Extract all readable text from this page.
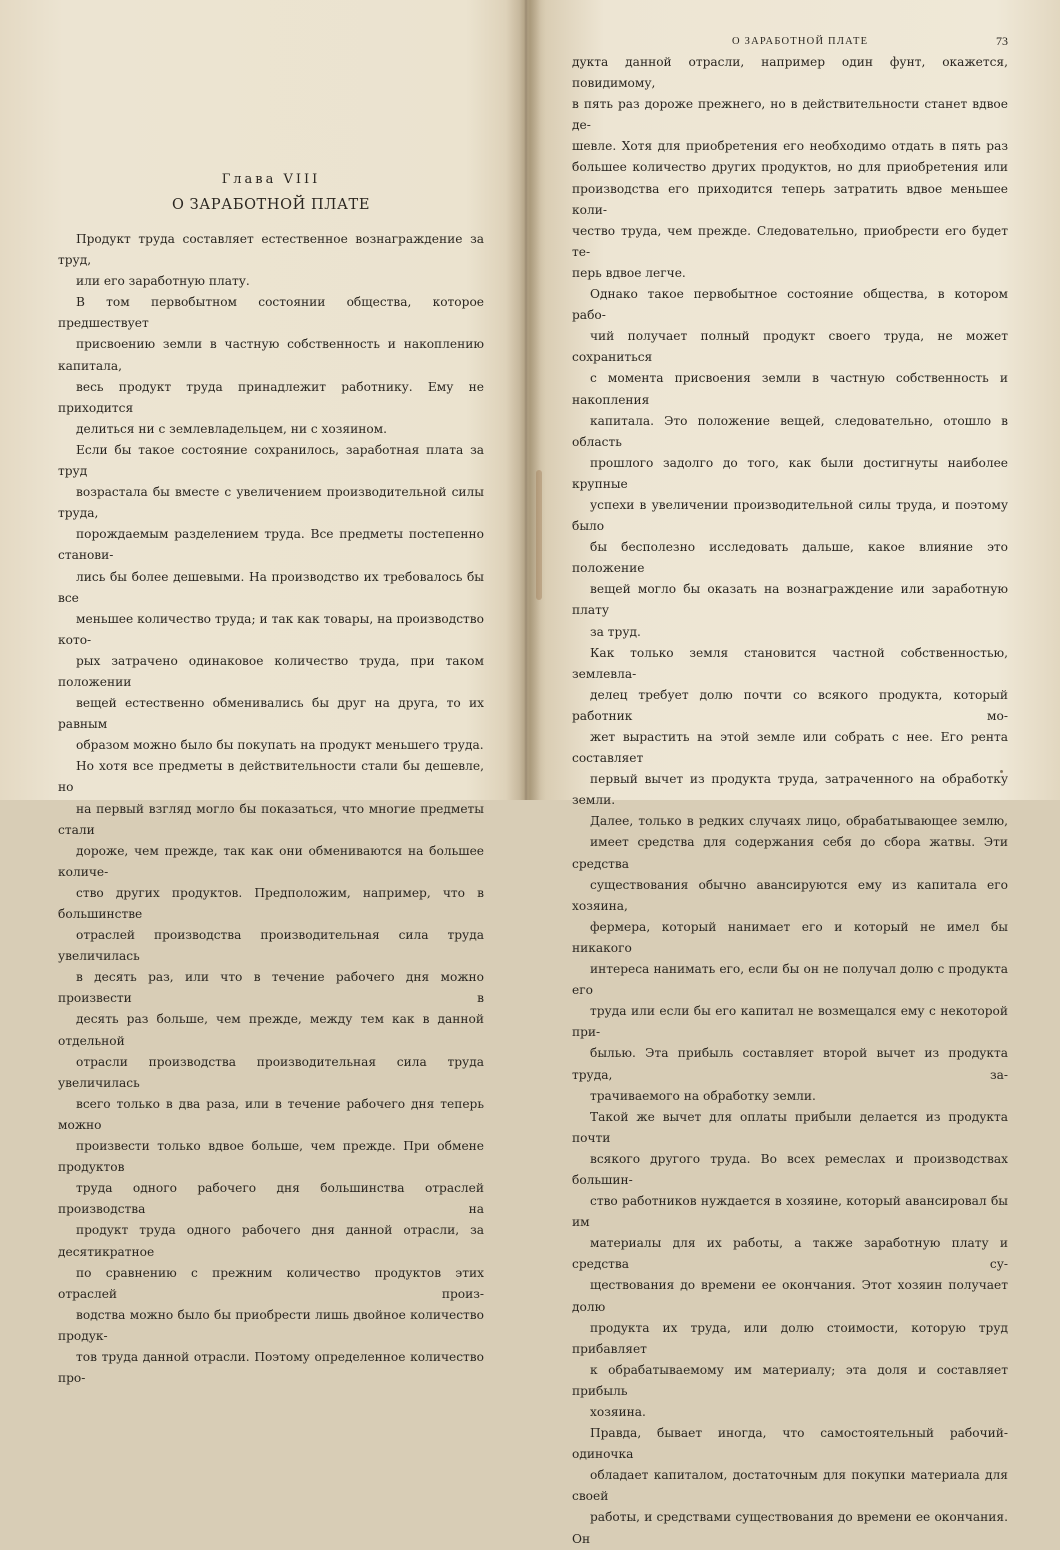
Глава VIII
О ЗАРАБОТНОЙ ПЛАТЕ

Продукт труда составляет естественное вознаграждение за труд,
или его заработную плату.

В том первобытном состоянии общества, которое предшествует
присвоению земли в частную собственность и накоплению капитала,
весь продукт труда принадлежит работнику. Ему не приходится
делиться ни с землевладельцем, ни с хозяином.

Если бы такое состояние сохранилось, заработная плата за труд
возрастала бы вместе с увеличением производительной силы труда,
порождаемым разделением труда. Все предметы постепенно станови-
лись бы более дешевыми. На производство их требовалось бы все
меньшее количество труда; и так как товары, на производство кото-
рых затрачено одинаковое количество труда, при таком положении
вещей естественно обменивались бы друг на друга, то их равным
образом можно было бы покупать на продукт меньшего труда.

Но хотя все предметы в действительности стали бы дешевле, но
на первый взгляд могло бы показаться, что многие предметы стали
дороже, чем прежде, так как они обмениваются на большее количе-
ство других продуктов. Предположим, например, что в большинстве
отраслей производства производительная сила труда увеличилась
в десять раз, или что в течение рабочего дня можно произвести в
десять раз больше, чем прежде, между тем как в данной отдельной
отрасли производства производительная сила труда увеличилась
всего только в два раза, или в течение рабочего дня теперь можно
произвести только вдвое больше, чем прежде. При обмене продуктов
труда одного рабочего дня большинства отраслей производства на
продукт труда одного рабочего дня данной отрасли, за десятикратное
по сравнению с прежним количество продуктов этих отраслей произ-
водства можно было бы приобрести лишь двойное количество продук-
тов труда данной отрасли. Поэтому определенное количество про-

О ЗАРАБОТНОЙ ПЛАТЕ	73

дукта данной отрасли, например один фунт, окажется, повидимому,
в пять раз дороже прежнего, но в действительности станет вдвое де-
шевле. Хотя для приобретения его необходимо отдать в пять раз
большее количество других продуктов, но для приобретения или
производства его приходится теперь затратить вдвое меньшее коли-
чество труда, чем прежде. Следовательно, приобрести его будет те-
перь вдвое легче.

Однако такое первобытное состояние общества, в котором рабо-
чий получает полный продукт своего труда, не может сохраниться
с момента присвоения земли в частную собственность и накопления
капитала. Это положение вещей, следовательно, отошло в область
прошлого задолго до того, как были достигнуты наиболее крупные
успехи в увеличении производительной силы труда, и поэтому было
бы бесполезно исследовать дальше, какое влияние это положение
вещей могло бы оказать на вознаграждение или заработную плату
за труд.

Как только земля становится частной собственностью, землевла-
делец требует долю почти со всякого продукта, который работник мо-
жет вырастить на этой земле или собрать с нее. Его рента составляет
первый вычет из продукта труда, затраченного на обработку земли.

Далее, только в редких случаях лицо, обрабатывающее землю,
имеет средства для содержания себя до сбора жатвы. Эти средства
существования обычно авансируются ему из капитала его хозяина,
фермера, который нанимает его и который не имел бы никакого
интереса нанимать его, если бы он не получал долю с продукта его
труда или если бы его капитал не возмещался ему с некоторой при-
былью. Эта прибыль составляет второй вычет из продукта труда, за-
трачиваемого на обработку земли.

Такой же вычет для оплаты прибыли делается из продукта почти
всякого другого труда. Во всех ремеслах и производствах большин-
ство работников нуждается в хозяине, который авансировал бы им
материалы для их работы, а также заработную плату и средства су-
ществования до времени ее окончания. Этот хозяин получает долю
продукта их труда, или долю стоимости, которую труд прибавляет
к обрабатываемому им материалу; эта доля и составляет прибыль
хозяина.

Правда, бывает иногда, что самостоятельный рабочий-одиночка
обладает капиталом, достаточным для покупки материала для своей
работы, и средствами существования до времени ее окончания. Он
